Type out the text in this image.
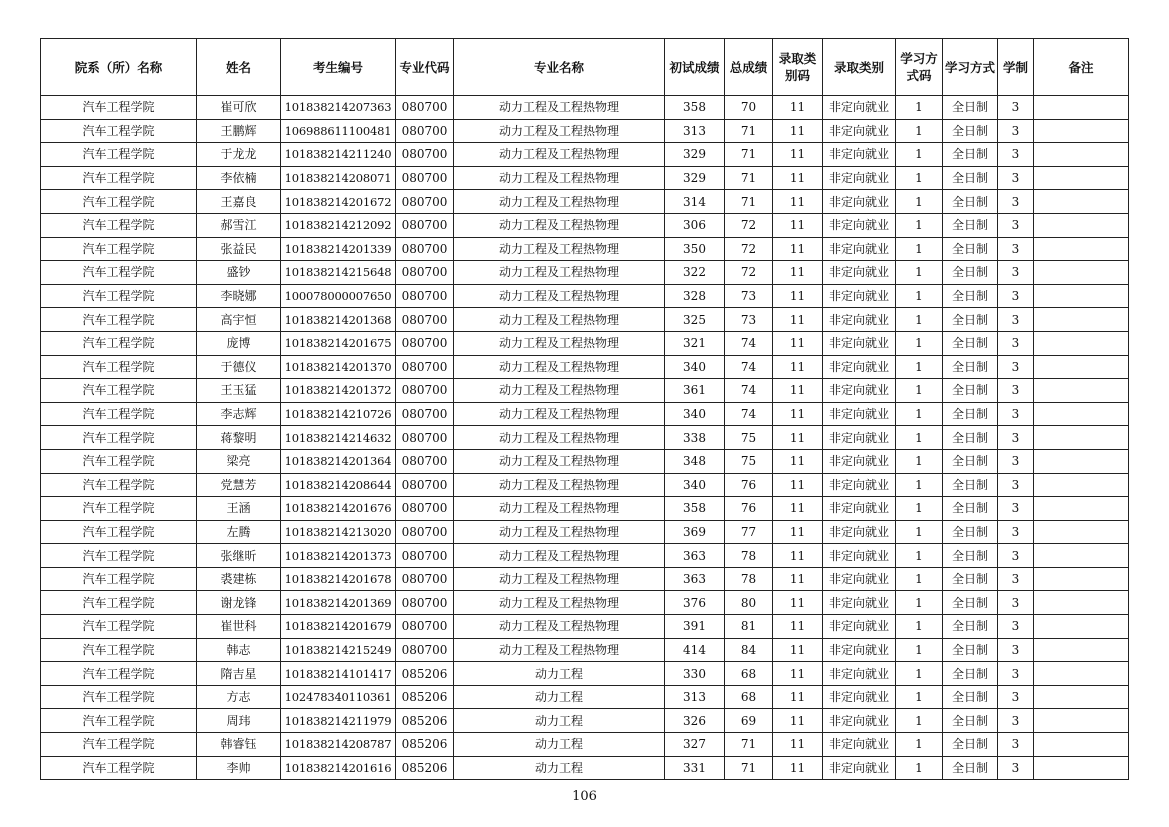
院系（所）名称	姓名	考生编号	专业代码	专业名称	初试成绩	总成绩	录取类别码	录取类别	学习方式码	学习方式	学制	备注
汽车工程学院	崔可欣	101838214207363	080700	动力工程及工程热物理	358	70	11	非定向就业	1	全日制	3	
汽车工程学院	王鹏辉	106988611100481	080700	动力工程及工程热物理	313	71	11	非定向就业	1	全日制	3	
汽车工程学院	于龙龙	101838214211240	080700	动力工程及工程热物理	329	71	11	非定向就业	1	全日制	3	
汽车工程学院	李依楠	101838214208071	080700	动力工程及工程热物理	329	71	11	非定向就业	1	全日制	3	
汽车工程学院	王嘉良	101838214201672	080700	动力工程及工程热物理	314	71	11	非定向就业	1	全日制	3	
汽车工程学院	郝雪江	101838214212092	080700	动力工程及工程热物理	306	72	11	非定向就业	1	全日制	3	
汽车工程学院	张益民	101838214201339	080700	动力工程及工程热物理	350	72	11	非定向就业	1	全日制	3	
汽车工程学院	盛钞	101838214215648	080700	动力工程及工程热物理	322	72	11	非定向就业	1	全日制	3	
汽车工程学院	李晓娜	100078000007650	080700	动力工程及工程热物理	328	73	11	非定向就业	1	全日制	3	
汽车工程学院	高宇恒	101838214201368	080700	动力工程及工程热物理	325	73	11	非定向就业	1	全日制	3	
汽车工程学院	庞博	101838214201675	080700	动力工程及工程热物理	321	74	11	非定向就业	1	全日制	3	
汽车工程学院	于德仪	101838214201370	080700	动力工程及工程热物理	340	74	11	非定向就业	1	全日制	3	
汽车工程学院	王玉猛	101838214201372	080700	动力工程及工程热物理	361	74	11	非定向就业	1	全日制	3	
汽车工程学院	李志辉	101838214210726	080700	动力工程及工程热物理	340	74	11	非定向就业	1	全日制	3	
汽车工程学院	蒋黎明	101838214214632	080700	动力工程及工程热物理	338	75	11	非定向就业	1	全日制	3	
汽车工程学院	梁亮	101838214201364	080700	动力工程及工程热物理	348	75	11	非定向就业	1	全日制	3	
汽车工程学院	党慧芳	101838214208644	080700	动力工程及工程热物理	340	76	11	非定向就业	1	全日制	3	
汽车工程学院	王涵	101838214201676	080700	动力工程及工程热物理	358	76	11	非定向就业	1	全日制	3	
汽车工程学院	左腾	101838214213020	080700	动力工程及工程热物理	369	77	11	非定向就业	1	全日制	3	
汽车工程学院	张继昕	101838214201373	080700	动力工程及工程热物理	363	78	11	非定向就业	1	全日制	3	
汽车工程学院	裘建栋	101838214201678	080700	动力工程及工程热物理	363	78	11	非定向就业	1	全日制	3	
汽车工程学院	谢龙锋	101838214201369	080700	动力工程及工程热物理	376	80	11	非定向就业	1	全日制	3	
汽车工程学院	崔世科	101838214201679	080700	动力工程及工程热物理	391	81	11	非定向就业	1	全日制	3	
汽车工程学院	韩志	101838214215249	080700	动力工程及工程热物理	414	84	11	非定向就业	1	全日制	3	
汽车工程学院	隋吉星	101838214101417	085206	动力工程	330	68	11	非定向就业	1	全日制	3	
汽车工程学院	方志	102478340110361	085206	动力工程	313	68	11	非定向就业	1	全日制	3	
汽车工程学院	周玮	101838214211979	085206	动力工程	326	69	11	非定向就业	1	全日制	3	
汽车工程学院	韩睿钰	101838214208787	085206	动力工程	327	71	11	非定向就业	1	全日制	3	
汽车工程学院	李帅	101838214201616	085206	动力工程	331	71	11	非定向就业	1	全日制	3	
106
